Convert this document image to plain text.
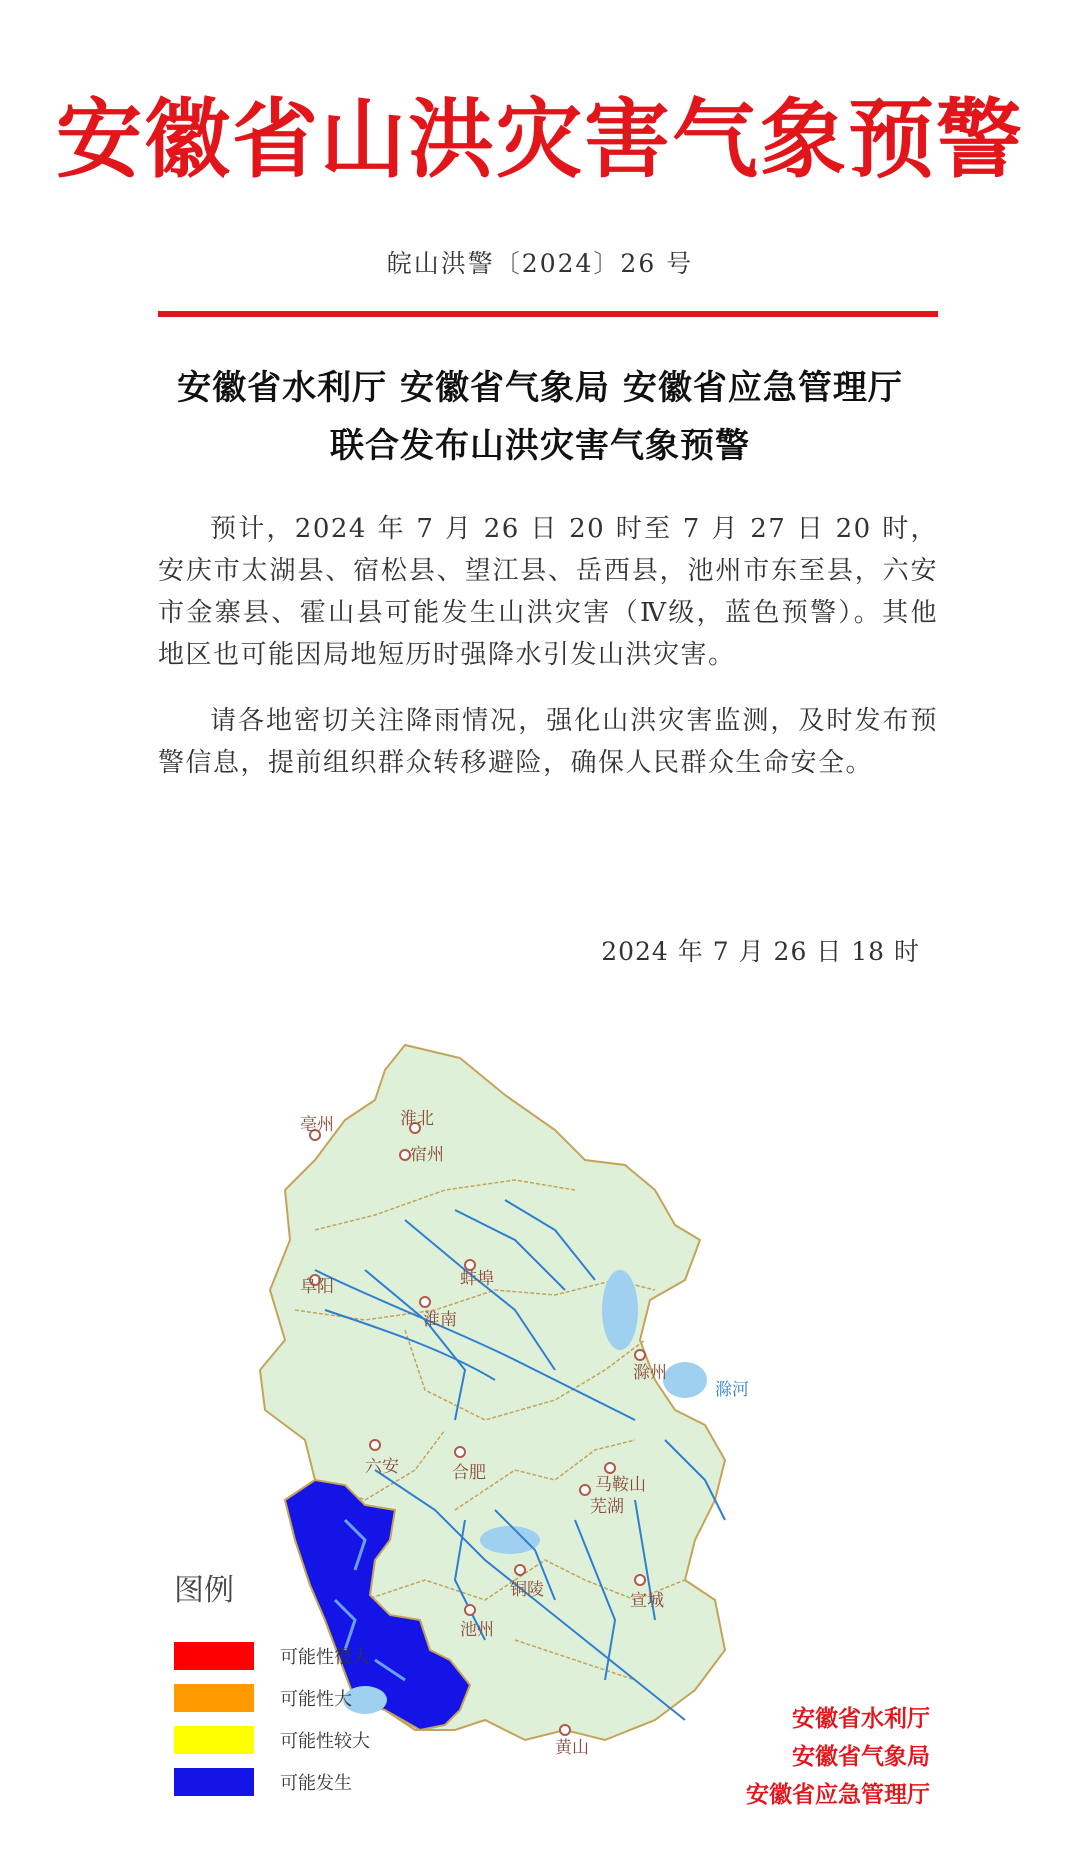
安徽省山洪灾害气象预警
皖山洪警〔2024〕26 号
安徽省水利厅 安徽省气象局 安徽省应急管理厅
联合发布山洪灾害气象预警
预计，2024 年 7 月 26 日 20 时至 7 月 27 日 20 时，安庆市太湖县、宿松县、望江县、岳西县，池州市东至县，六安市金寨县、霍山县可能发生山洪灾害（Ⅳ级，蓝色预警）。其他地区也可能因局地短历时强降水引发山洪灾害。
请各地密切关注降雨情况，强化山洪灾害监测，及时发布预警信息，提前组织群众转移避险，确保人民群众生命安全。
2024 年 7 月 26 日 18 时
亳州	淮北
宿州
阜阳	蚌埠
淮南
滁州
六安	合肥
马鞍山
芜湖
铜陵
宣城
池州
黄山
滁河
图例
可能性很大
可能性大
可能性较大
可能发生
安徽省水利厅
安徽省气象局
安徽省应急管理厅
